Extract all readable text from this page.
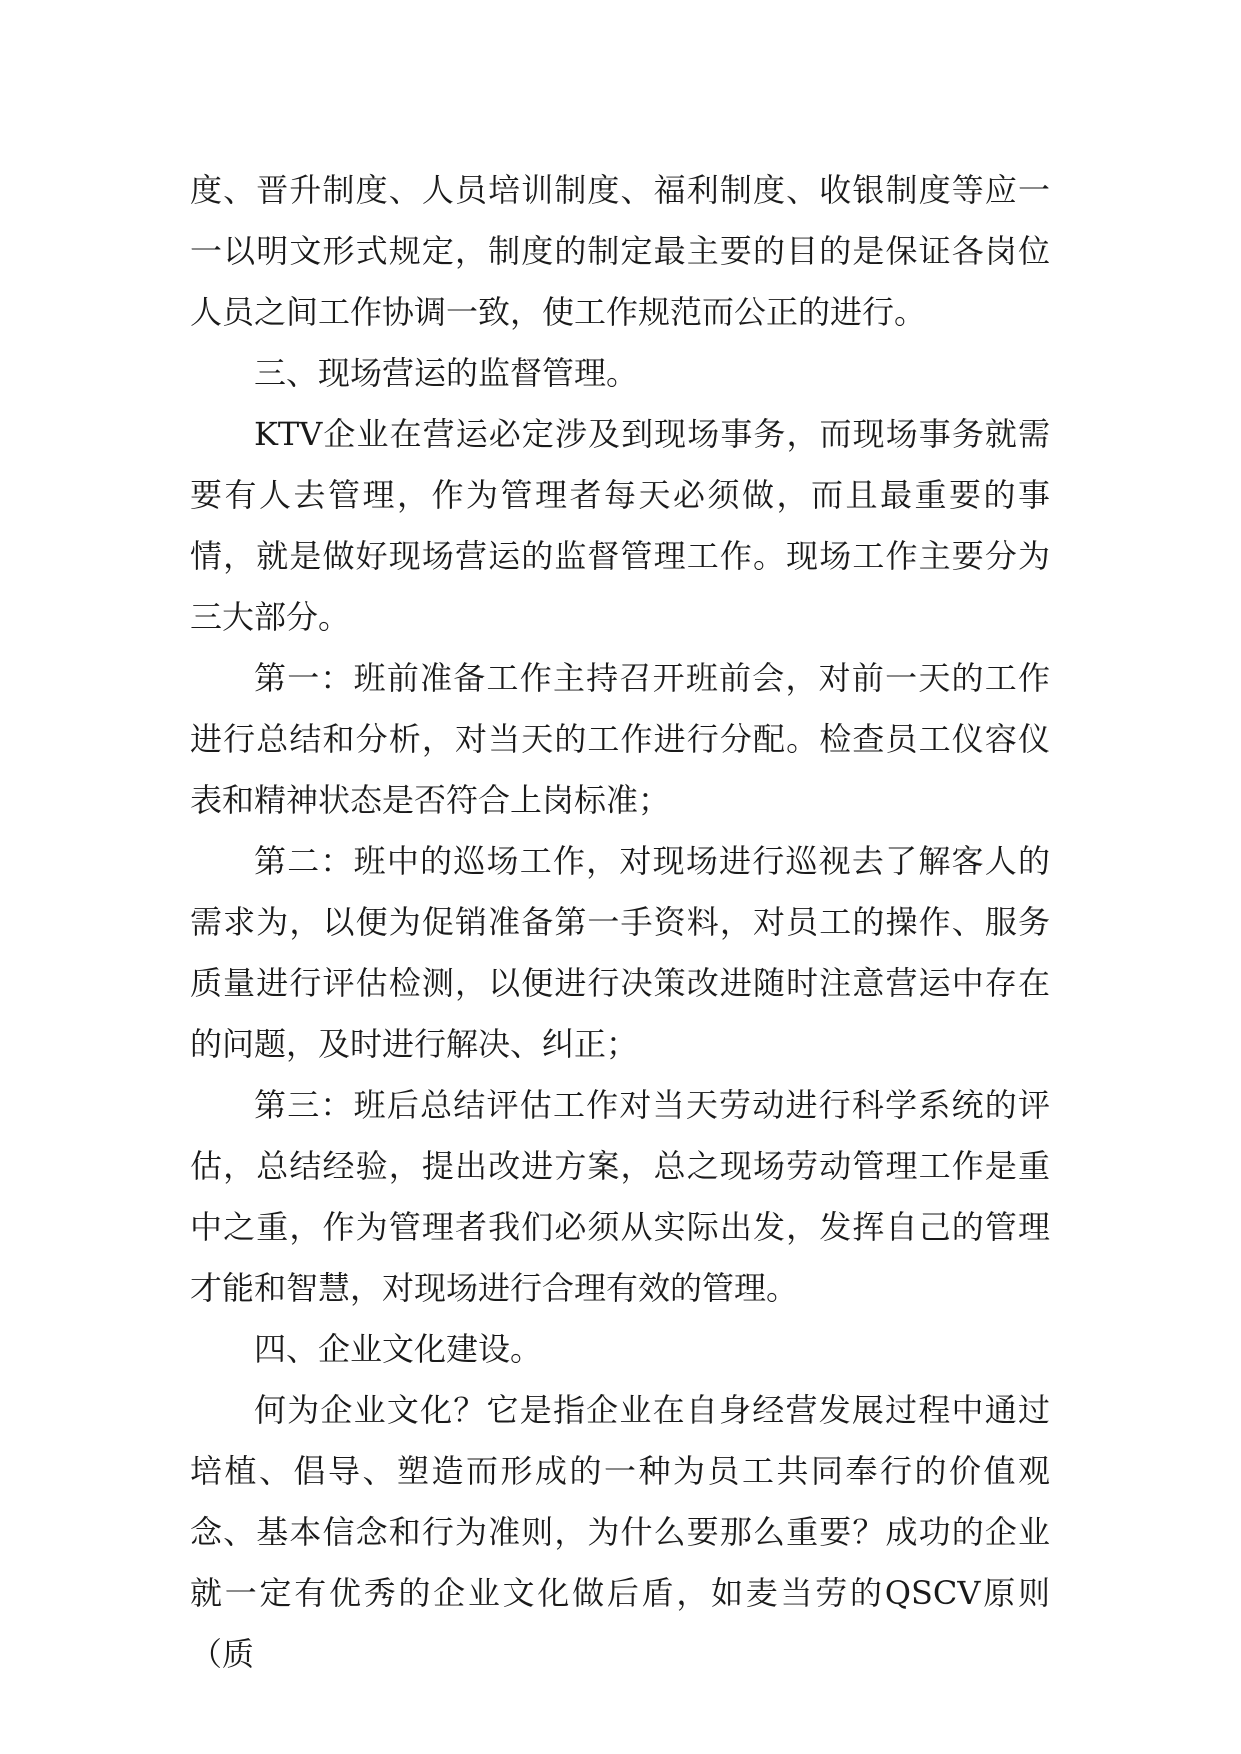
度、晋升制度、人员培训制度、福利制度、收银制度等应一一以明文形式规定，制度的制定最主要的目的是保证各岗位人员之间工作协调一致，使工作规范而公正的进行。

三、现场营运的监督管理。

KTV企业在营运必定涉及到现场事务，而现场事务就需要有人去管理，作为管理者每天必须做，而且最重要的事情，就是做好现场营运的监督管理工作。现场工作主要分为三大部分。

第一：班前准备工作主持召开班前会，对前一天的工作进行总结和分析，对当天的工作进行分配。检查员工仪容仪表和精神状态是否符合上岗标准；

第二：班中的巡场工作，对现场进行巡视去了解客人的需求为，以便为促销准备第一手资料，对员工的操作、服务质量进行评估检测，以便进行决策改进随时注意营运中存在的问题，及时进行解决、纠正；

第三：班后总结评估工作对当天劳动进行科学系统的评估，总结经验，提出改进方案，总之现场劳动管理工作是重中之重，作为管理者我们必须从实际出发，发挥自己的管理才能和智慧，对现场进行合理有效的管理。

四、企业文化建设。

何为企业文化？它是指企业在自身经营发展过程中通过培植、倡导、塑造而形成的一种为员工共同奉行的价值观念、基本信念和行为准则，为什么要那么重要？成功的企业就一定有优秀的企业文化做后盾，如麦当劳的QSCV原则（质
